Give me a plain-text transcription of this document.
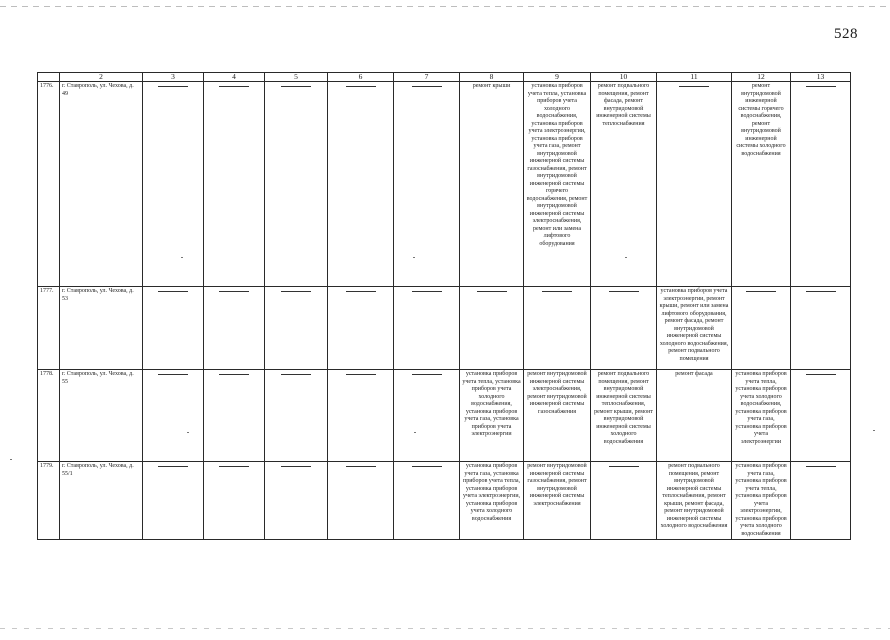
528
	2	3	4	5	6	7	8	9	10	11	12	13
1776.	г. Ставрополь, ул. Чехова, д. 49						ремонт крыши	установка приборов учета тепла, установка приборов учета холодного водоснабжения, установка приборов учета электроэнергии, установка приборов учета газа, ремонт внутридомовой инженерной системы газоснабжения, ремонт внутридомовой инженерной системы горячего водоснабжения, ремонт внутридомовой инженерной системы электроснабжения, ремонт или замена лифтового оборудования	ремонт подвального помещения, ремонт фасада, ремонт внутридомовой инженерной системы теплоснабжения		ремонт внутридомовой инженерной системы горячего водоснабжения, ремонт внутридомовой инженерной системы холодного водоснабжения	

1777.	г. Ставрополь, ул. Чехова, д. 53									установка приборов учета электроэнергии, ремонт крыши, ремонт или замена лифтового оборудования, ремонт фасада, ремонт внутридомовой инженерной системы холодного водоснабжения, ремонт подвального помещения	

1778.	г. Ставрополь, ул. Чехова, д. 55						установка приборов учета тепла, установка приборов учета холодного водоснабжения, установка приборов учета газа, установка приборов учета электроэнергии	ремонт внутридомовой инженерной системы электроснабжения, ремонт внутридомовой инженерной системы газоснабжения	ремонт подвального помещения, ремонт внутридомовой инженерной системы теплоснабжения, ремонт крыши, ремонт внутридомовой инженерной системы холодного водоснабжения	ремонт фасада	установка приборов учета тепла, установка приборов учета холодного водоснабжения, установка приборов учета газа, установка приборов учета электроэнергии	

1779.	г. Ставрополь, ул. Чехова, д. 55/1						установка приборов учета газа, установка приборов учета тепла, установка приборов учета электроэнергии, установка приборов учета холодного водоснабжения	ремонт внутридомовой инженерной системы газоснабжения, ремонт внутридомовой инженерной системы электроснабжения		ремонт подвального помещения, ремонт внутридомовой инженерной системы теплоснабжения, ремонт крыши, ремонт фасада, ремонт внутридомовой инженерной системы холодного водоснабжения	установка приборов учета газа, установка приборов учета тепла, установка приборов учета электроэнергии, установка приборов учета холодного водоснабжения	
